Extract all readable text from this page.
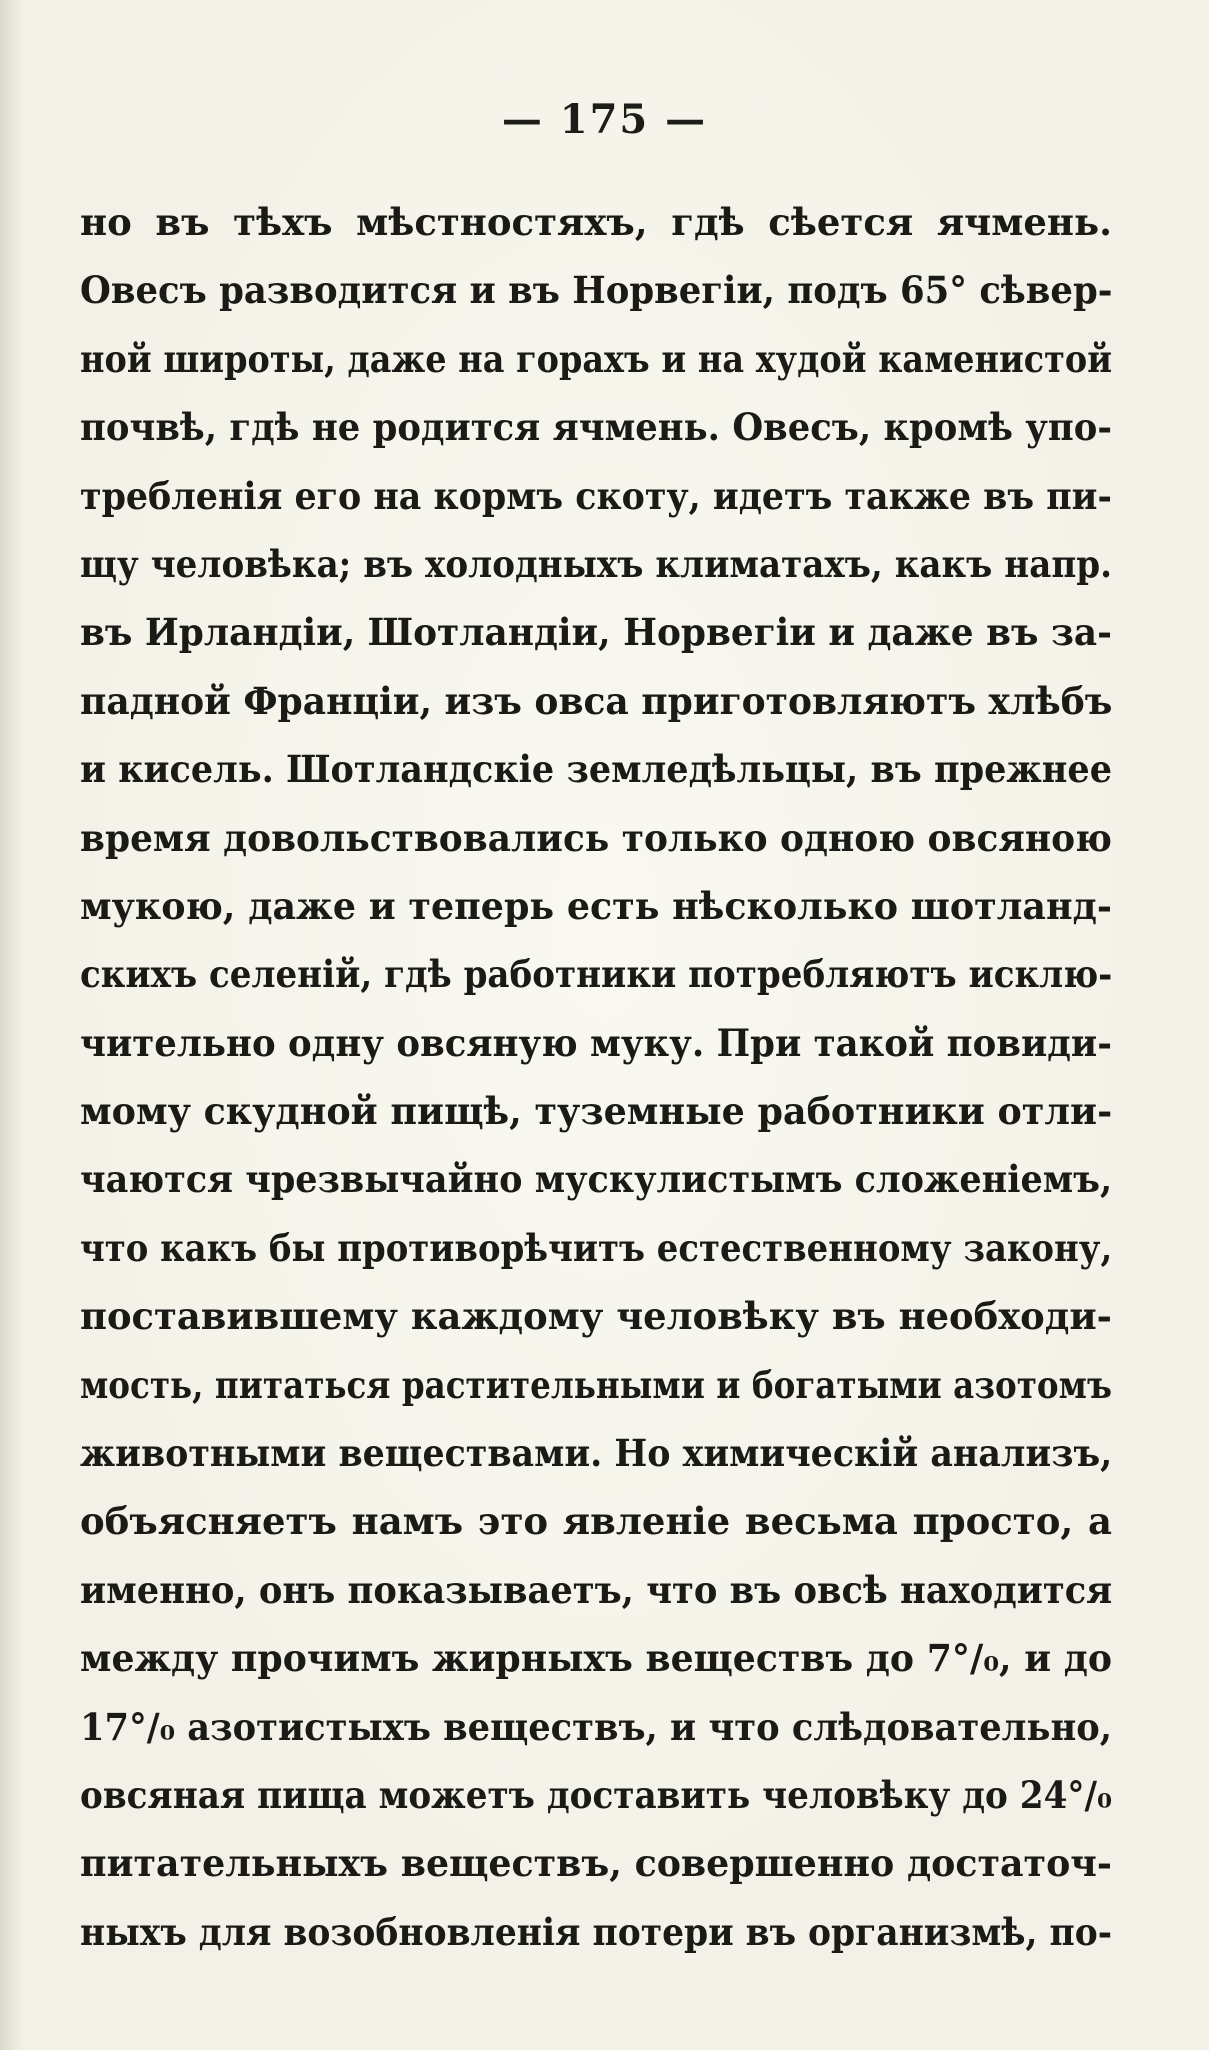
— 175 —
но въ тѣхъ мѣстностяхъ, гдѣ сѣется ячмень.
Овесъ разводится и въ Норвегіи, подъ 65° сѣвер-
ной широты, даже на горахъ и на худой каменистой
почвѣ, гдѣ не родится ячмень. Овесъ, кромѣ упо-
требленія его на кормъ скоту, идетъ также въ пи-
щу человѣка; въ холодныхъ климатахъ, какъ напр.
въ Ирландіи, Шотландіи, Норвегіи и даже въ за-
падной Франціи, изъ овса приготовляютъ хлѣбъ
и кисель. Шотландскіе земледѣльцы, въ прежнее
время довольствовались только одною овсяною
мукою, даже и теперь есть нѣсколько шотланд-
скихъ селеній, гдѣ работники потребляютъ исклю-
чительно одну овсяную муку. При такой повиди-
мому скудной пищѣ, туземные работники отли-
чаются чрезвычайно мускулистымъ сложеніемъ,
что какъ бы противорѣчитъ естественному закону,
поставившему каждому человѣку въ необходи-
мость, питаться растительными и богатыми азотомъ
животными веществами. Но химическій анализъ,
объясняетъ намъ это явленіе весьма просто, а
именно, онъ показываетъ, что въ овсѣ находится
между прочимъ жирныхъ веществъ до 7°/₀, и до
17°/₀ азотистыхъ веществъ, и что слѣдовательно,
овсяная пища можетъ доставить человѣку до 24°/₀
питательныхъ веществъ, совершенно достаточ-
ныхъ для возобновленія потери въ организмѣ, по-
